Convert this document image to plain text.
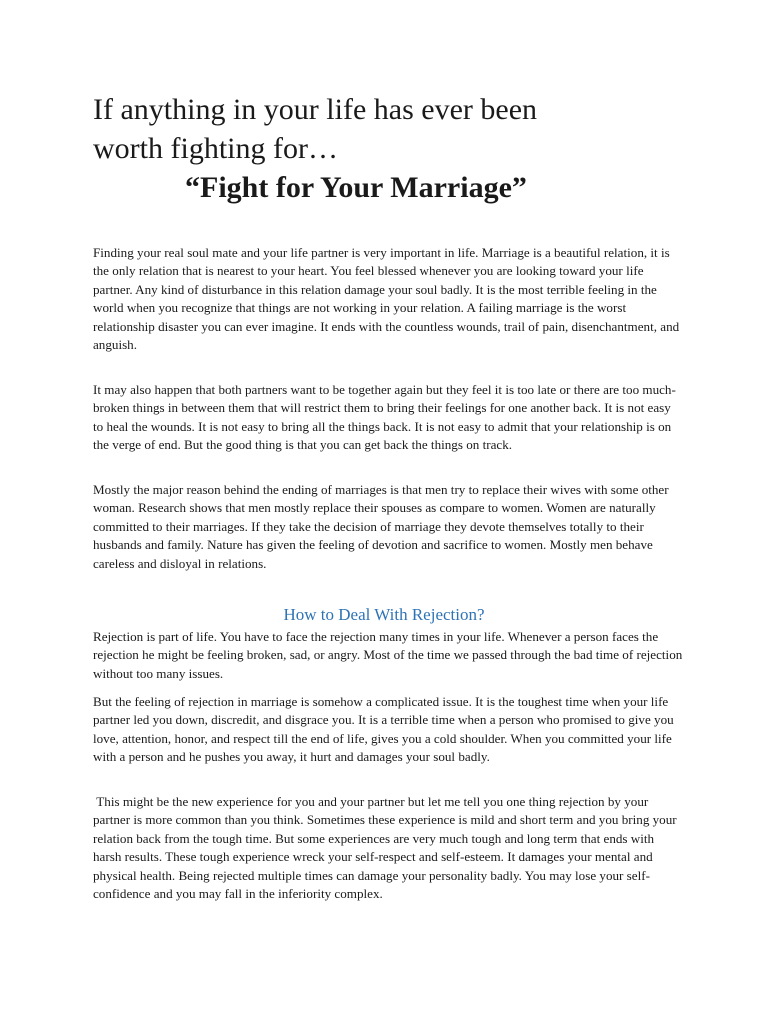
If anything in your life has ever been
worth fighting for…
“Fight for Your Marriage”

Finding your real soul mate and your life partner is very important in life. Marriage is a beautiful relation, it is the only relation that is nearest to your heart. You feel blessed whenever you are looking toward your life partner. Any kind of disturbance in this relation damage your soul badly. It is the most terrible feeling in the world when you recognize that things are not working in your relation. A failing marriage is the worst relationship disaster you can ever imagine. It ends with the countless wounds, trail of pain, disenchantment, and anguish.

It may also happen that both partners want to be together again but they feel it is too late or there are too much-broken things in between them that will restrict them to bring their feelings for one another back. It is not easy to heal the wounds. It is not easy to bring all the things back. It is not easy to admit that your relationship is on the verge of end. But the good thing is that you can get back the things on track.

Mostly the major reason behind the ending of marriages is that men try to replace their wives with some other woman. Research shows that men mostly replace their spouses as compare to women. Women are naturally committed to their marriages. If they take the decision of marriage they devote themselves totally to their husbands and family. Nature has given the feeling of devotion and sacrifice to women. Mostly men behave careless and disloyal in relations.

How to Deal With Rejection?

Rejection is part of life. You have to face the rejection many times in your life. Whenever a person faces the rejection he might be feeling broken, sad, or angry. Most of the time we passed through the bad time of rejection without too many issues.

But the feeling of rejection in marriage is somehow a complicated issue. It is the toughest time when your life partner led you down, discredit, and disgrace you. It is a terrible time when a person who promised to give you love, attention, honor, and respect till the end of life, gives you a cold shoulder. When you committed your life with a person and he pushes you away, it hurt and damages your soul badly.

This might be the new experience for you and your partner but let me tell you one thing rejection by your partner is more common than you think. Sometimes these experience is mild and short term and you bring your relation back from the tough time. But some experiences are very much tough and long term that ends with harsh results. These tough experience wreck your self-respect and self-esteem. It damages your mental and physical health. Being rejected multiple times can damage your personality badly. You may lose your self-confidence and you may fall in the inferiority complex.
